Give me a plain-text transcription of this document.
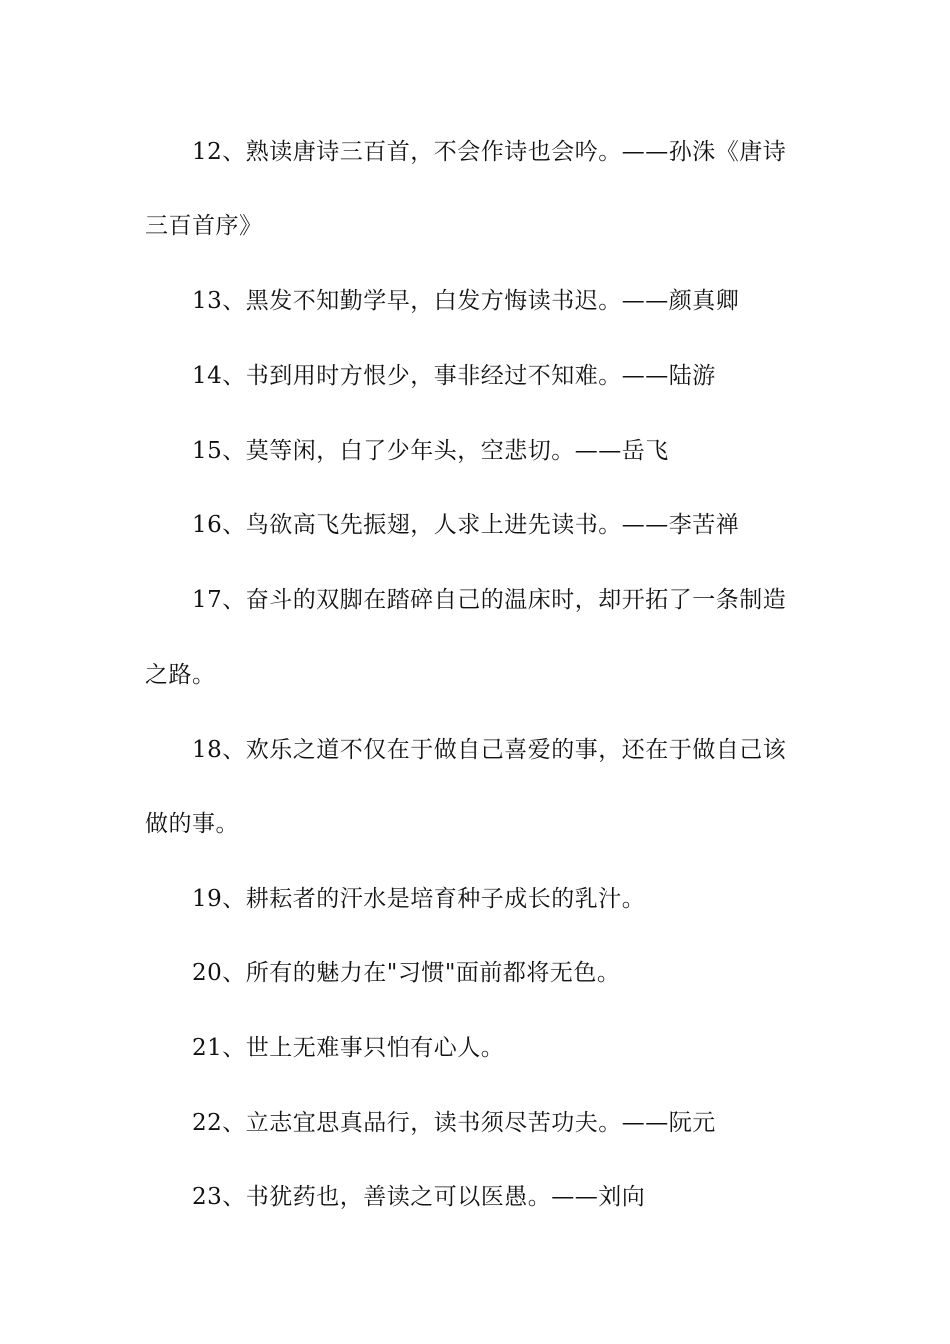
12、熟读唐诗三百首，不会作诗也会吟。——孙洙《唐诗
三百首序》
13、黑发不知勤学早，白发方悔读书迟。——颜真卿
14、书到用时方恨少，事非经过不知难。——陆游
15、莫等闲，白了少年头，空悲切。——岳飞
16、鸟欲高飞先振翅，人求上进先读书。——李苦禅
17、奋斗的双脚在踏碎自己的温床时，却开拓了一条制造
之路。
18、欢乐之道不仅在于做自己喜爱的事，还在于做自己该
做的事。
19、耕耘者的汗水是培育种子成长的乳汁。
20、所有的魅力在"习惯"面前都将无色。
21、世上无难事只怕有心人。
22、立志宜思真品行，读书须尽苦功夫。——阮元
23、书犹药也，善读之可以医愚。——刘向
